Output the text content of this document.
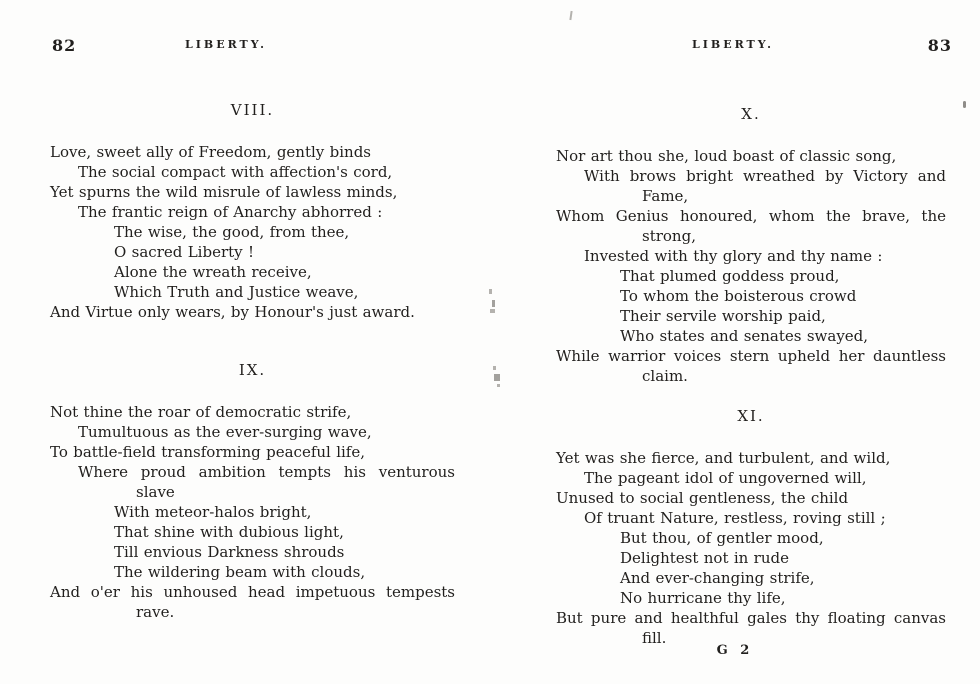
82	LIBERTY.
VIII.
Love, sweet ally of Freedom, gently binds
The social compact with affection's cord,
Yet spurns the wild misrule of lawless minds,
The frantic reign of Anarchy abhorred :
The wise, the good, from thee,
O sacred Liberty !
Alone the wreath receive,
Which Truth and Justice weave,
And Virtue only wears, by Honour's just award.
IX.
Not thine the roar of democratic strife,
Tumultuous as the ever-surging wave,
To battle-field transforming peaceful life,
Where proud ambition tempts his venturous
slave
With meteor-halos bright,
That shine with dubious light,
Till envious Darkness shrouds
The wildering beam with clouds,
And o'er his unhoused head impetuous tempests
rave.
LIBERTY.	83
X.
Nor art thou she, loud boast of classic song,
With brows bright wreathed by Victory and
Fame,
Whom Genius honoured, whom the brave, the
strong,
Invested with thy glory and thy name :
That plumed goddess proud,
To whom the boisterous crowd
Their servile worship paid,
Who states and senates swayed,
While warrior voices stern upheld her dauntless
claim.
XI.
Yet was she fierce, and turbulent, and wild,
The pageant idol of ungoverned will,
Unused to social gentleness, the child
Of truant Nature, restless, roving still ;
But thou, of gentler mood,
Delightest not in rude
And ever-changing strife,
No hurricane thy life,
But pure and healthful gales thy floating canvas
fill.
G 2
